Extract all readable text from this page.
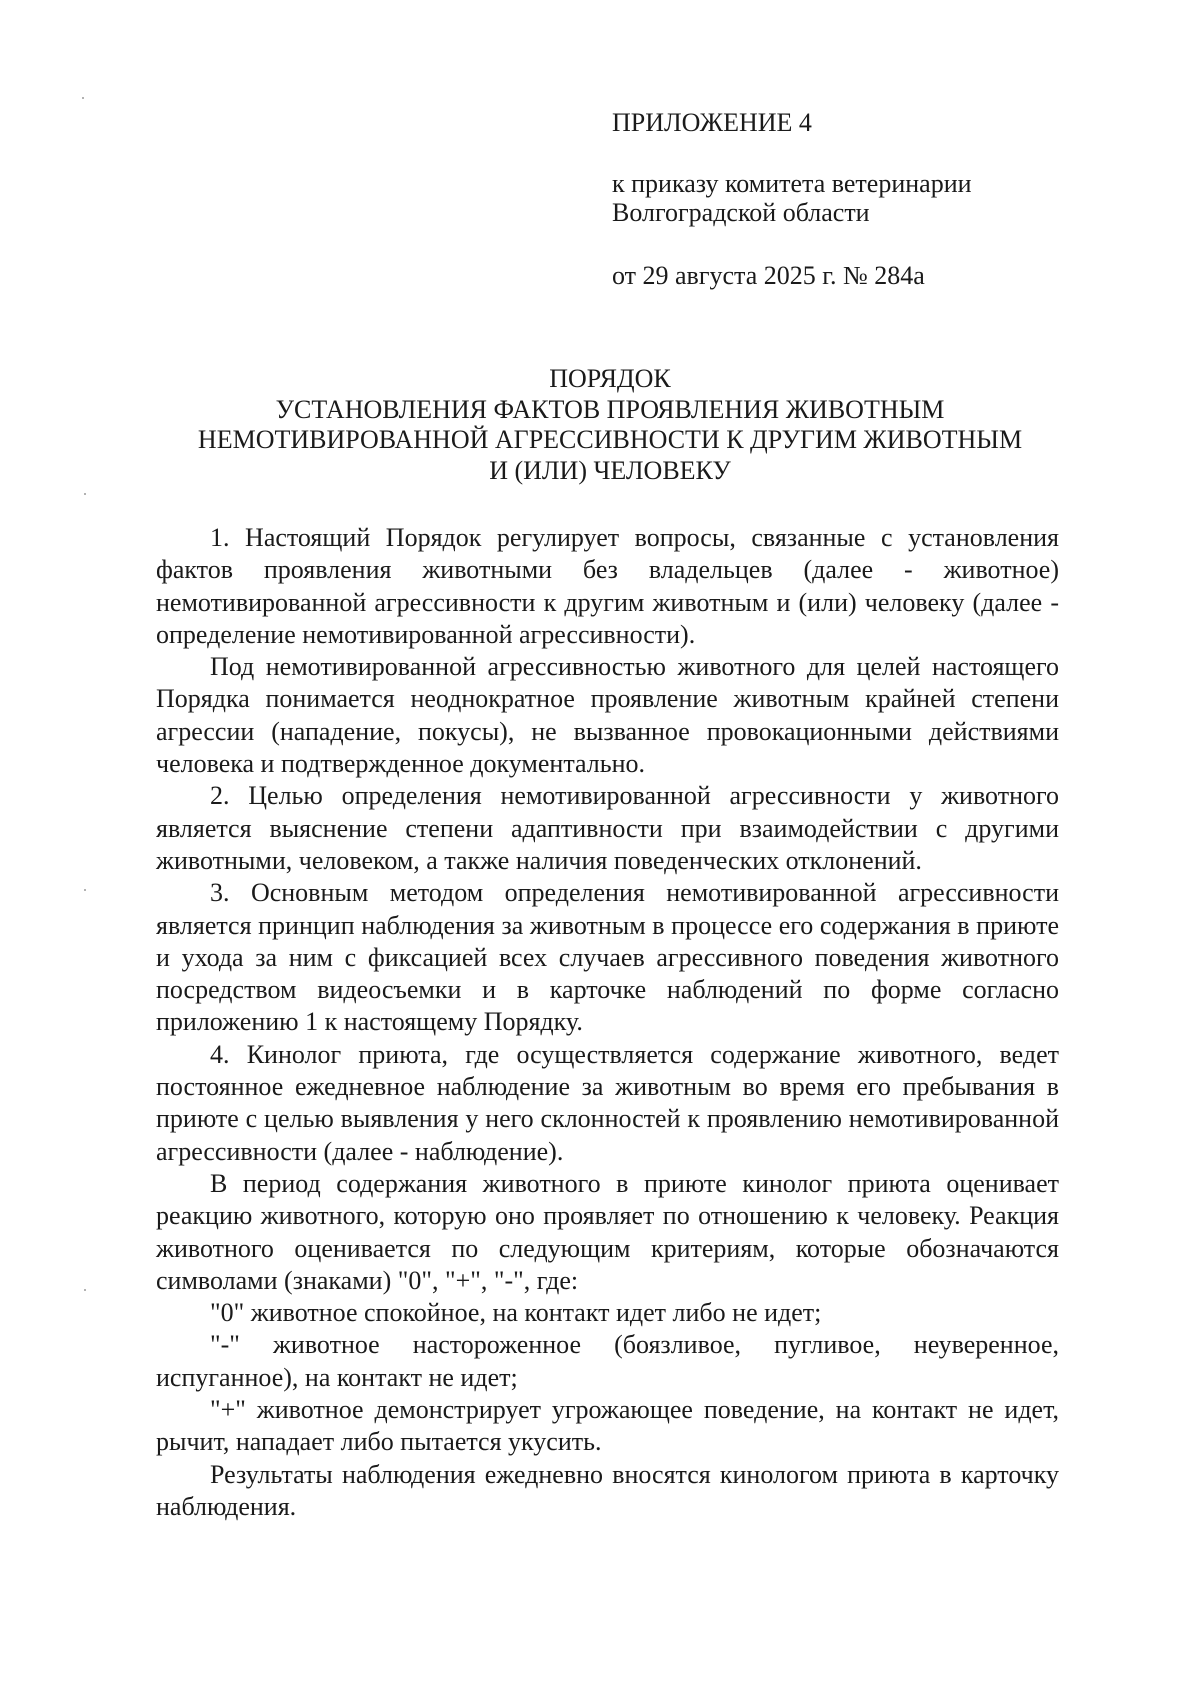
ПРИЛОЖЕНИЕ 4
к приказу комитета ветеринарии
Волгоградской области
от 29 августа 2025 г. № 284а
ПОРЯДОК
УСТАНОВЛЕНИЯ ФАКТОВ ПРОЯВЛЕНИЯ ЖИВОТНЫМ
НЕМОТИВИРОВАННОЙ АГРЕССИВНОСТИ К ДРУГИМ ЖИВОТНЫМ
И (ИЛИ) ЧЕЛОВЕКУ

1. Настоящий Порядок регулирует вопросы, связанные с установления фактов проявления животными без владельцев (далее - животное) немотивированной агрессивности к другим животным и (или) человеку (далее - определение немотивированной агрессивности).

Под немотивированной агрессивностью животного для целей настоящего Порядка понимается неоднократное проявление животным крайней степени агрессии (нападение, покусы), не вызванное провокационными действиями человека и подтвержденное документально.

2. Целью определения немотивированной агрессивности у животного является выяснение степени адаптивности при взаимодействии с другими животными, человеком, а также наличия поведенческих отклонений.

3. Основным методом определения немотивированной агрессивности является принцип наблюдения за животным в процессе его содержания в приюте и ухода за ним с фиксацией всех случаев агрессивного поведения животного посредством видеосъемки и в карточке наблюдений по форме согласно приложению 1 к настоящему Порядку.

4. Кинолог приюта, где осуществляется содержание животного, ведет постоянное ежедневное наблюдение за животным во время его пребывания в приюте с целью выявления у него склонностей к проявлению немотивированной агрессивности (далее - наблюдение).

В период содержания животного в приюте кинолог приюта оценивает реакцию животного, которую оно проявляет по отношению к человеку. Реакция животного оценивается по следующим критериям, которые обозначаются символами (знаками) "0", "+", "-", где:

"0" животное спокойное, на контакт идет либо не идет;

"-" животное настороженное (боязливое, пугливое, неуверенное, испуганное), на контакт не идет;

"+" животное демонстрирует угрожающее поведение, на контакт не идет, рычит, нападает либо пытается укусить.

Результаты наблюдения ежедневно вносятся кинологом приюта в карточку наблюдения.
